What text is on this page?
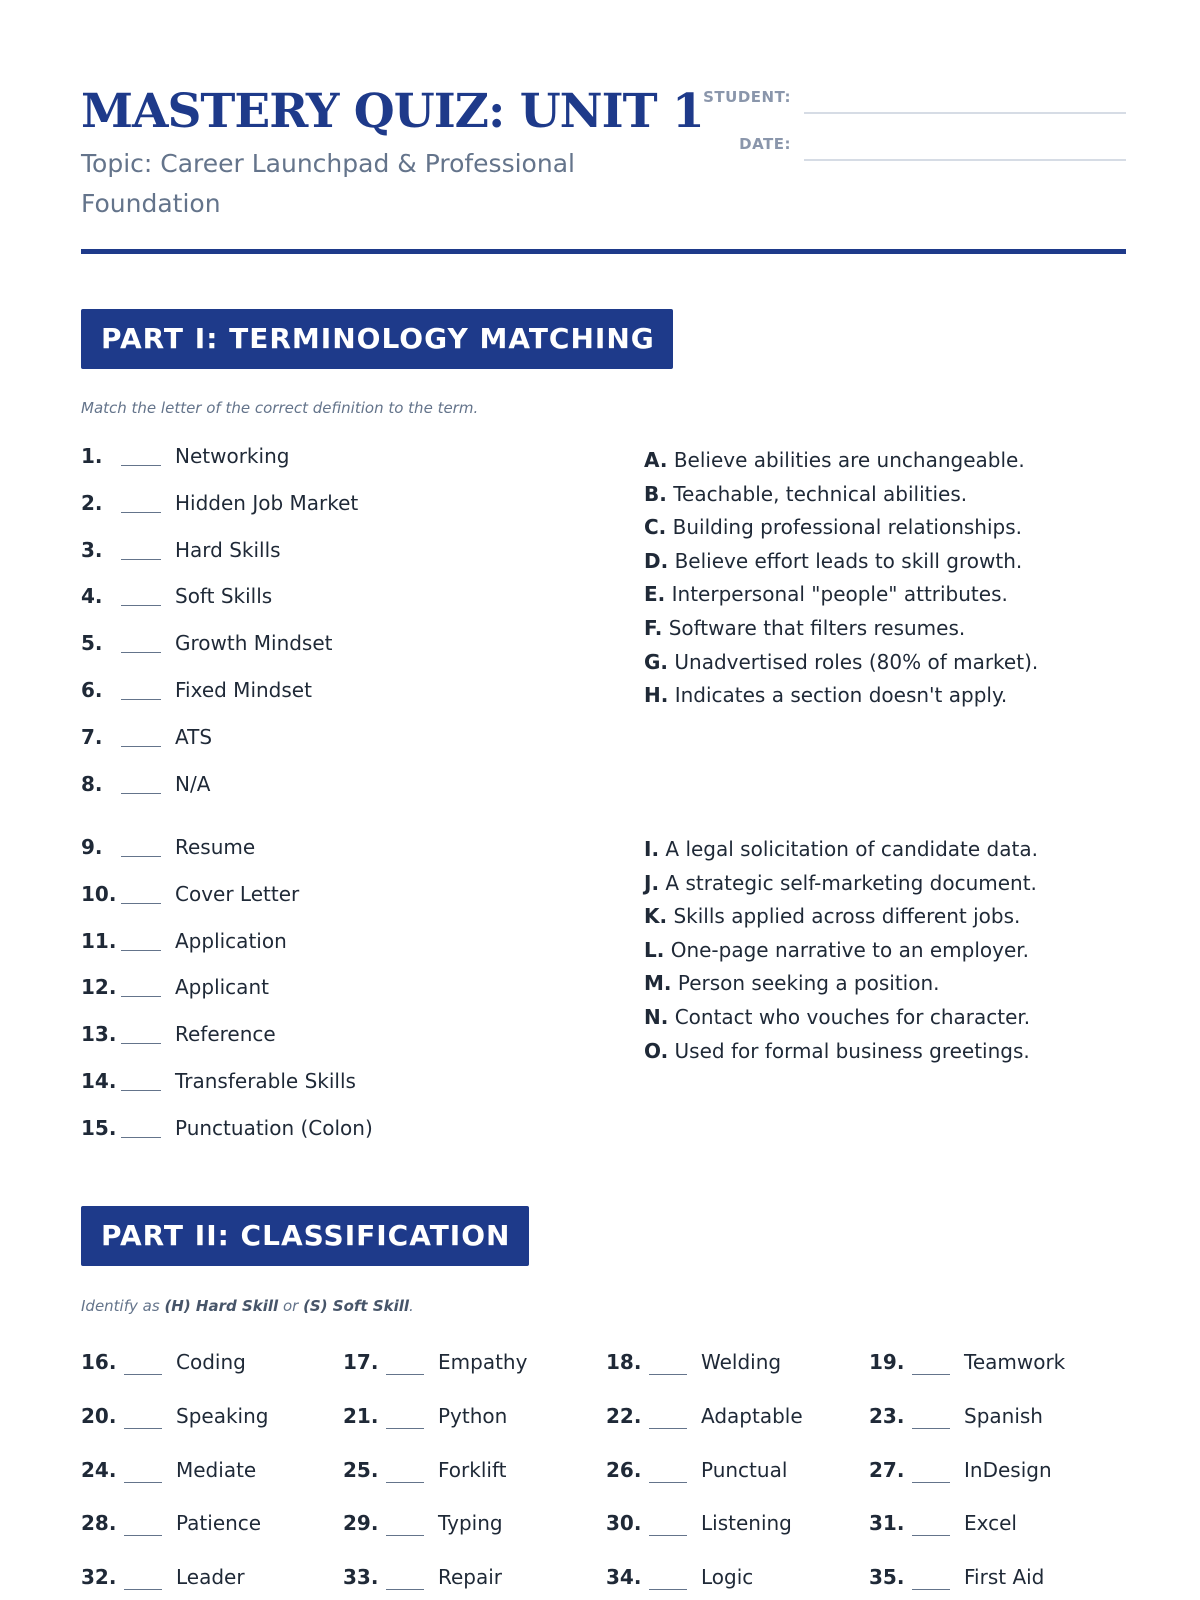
MASTERY QUIZ: UNIT 1
Topic: Career Launchpad & Professional Foundation
STUDENT:
DATE:
PART I: TERMINOLOGY MATCHING
Match the letter of the correct definition to the term.
1.	Networking
2.	Hidden Job Market
3.	Hard Skills
4.	Soft Skills
5.	Growth Mindset
6.	Fixed Mindset
7.	ATS
8.	N/A
9.	Resume
10.	Cover Letter
11.	Application
12.	Applicant
13.	Reference
14.	Transferable Skills
15.	Punctuation (Colon)
A. Believe abilities are unchangeable.
B. Teachable, technical abilities.
C. Building professional relationships.
D. Believe effort leads to skill growth.
E. Interpersonal "people" attributes.
F. Software that filters resumes.
G. Unadvertised roles (80% of market).
H. Indicates a section doesn't apply.
I. A legal solicitation of candidate data.
J. A strategic self-marketing document.
K. Skills applied across different jobs.
L. One-page narrative to an employer.
M. Person seeking a position.
N. Contact who vouches for character.
O. Used for formal business greetings.
PART II: CLASSIFICATION
Identify as (H) Hard Skill or (S) Soft Skill.
16.	Coding	17.	Empathy	18.	Welding	19.	Teamwork
20.	Speaking	21.	Python	22.	Adaptable	23.	Spanish
24.	Mediate	25.	Forklift	26.	Punctual	27.	InDesign
28.	Patience	29.	Typing	30.	Listening	31.	Excel
32.	Leader	33.	Repair	34.	Logic	35.	First Aid
